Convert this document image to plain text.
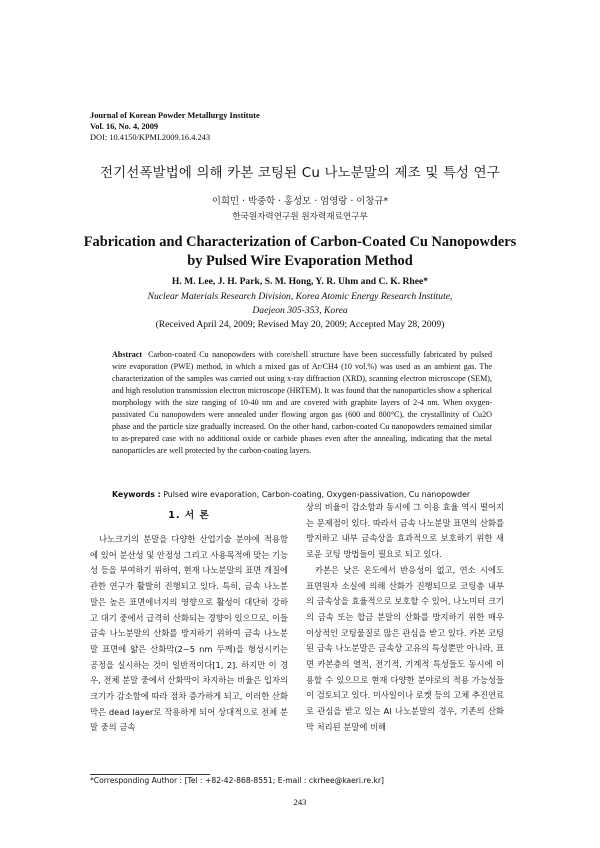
Journal of Korean Powder Metallurgy Institute
Vol. 16, No. 4, 2009
DOI: 10.4150/KPMI.2009.16.4.243
전기선폭발법에 의해 카본 코팅된 Cu 나노분말의 제조 및 특성 연구
이희민 · 박중학 · 홍성모 · 엄영랑 · 이창규*
한국원자력연구원 원자력재료연구부
Fabrication and Characterization of Carbon-Coated Cu Nanopowders
by Pulsed Wire Evaporation Method
H. M. Lee, J. H. Park, S. M. Hong, Y. R. Uhm and C. K. Rhee*
Nuclear Materials Research Division, Korea Atomic Energy Research Institute,
Daejeon 305-353, Korea
(Received April 24, 2009; Revised May 20, 2009; Accepted May 28, 2009)
Abstract Carbon-coated Cu nanopowders with core/shell structure have been successfully fabricated by pulsed wire evaporation (PWE) method, in which a mixed gas of Ar/CH4 (10 vol.%) was used as an ambient gas. The characterization of the samples was carried out using x-ray diffraction (XRD), scanning electron microscope (SEM), and high resolution transmission electron microscope (HRTEM). It was found that the nanoparticles show a spherical morphology with the size ranging of 10-40 nm and are covered with graphite layers of 2-4 nm. When oxygen-passivated Cu nanopowders were annealed under flowing argon gas (600 and 800°C), the crystallinity of Cu2O phase and the particle size gradually increased. On the other hand, carbon-coated Cu nanopowders remained similar to as-prepared case with no additional oxide or carbide phases even after the annealing, indicating that the metal nanoparticles are well protected by the carbon-coating layers.
Keywords : Pulsed wire evaporation, Carbon-coating, Oxygen-passivation, Cu nanopowder
1. 서 론
나노크기의 분말을 다양한 산업기술 분야에 적용함에 있어 분산성 및 안정성 그리고 사용목적에 맞는 기능성 등을 부여하기 위하여, 현재 나노분말의 표면 개질에 관한 연구가 활발히 진행되고 있다. 특히, 금속 나노분말은 높은 표면에너지의 영향으로 활성이 대단히 강하고 대기 중에서 급격히 산화되는 경향이 있으므로, 이들 금속 나노분말의 산화를 방지하기 위하여 금속 나노분말 표면에 얇은 산화막(2~5 nm 두께)을 형성시키는 공정을 실시하는 것이 일반적이다[1, 2]. 하지만 이 경우, 전체 분말 중에서 산화막이 차지하는 비율은 입자의 크기가 감소함에 따라 점차 증가하게 되고, 이러한 산화막은 dead layer로 작용하게 되어 상대적으로 전체 분말 중의 금속
상의 비율이 감소함과 동시에 그 이용 효율 역시 떨어지는 문제점이 있다. 따라서 금속 나노분말 표면의 산화를 방지하고 내부 금속상을 효과적으로 보호하기 위한 새로운 코팅 방법들이 필요로 되고 있다.
카본은 낮은 온도에서 반응성이 없고, 연소 시에도 표면원자 소실에 의해 산화가 진행되므로 코팅층 내부의 금속상을 효율적으로 보호할 수 있어, 나노미터 크기의 금속 또는 합금 분말의 산화를 방지하기 위한 매우 이상적인 코팅물질로 많은 관심을 받고 있다. 카본 코팅된 금속 나노분말은 금속상 고유의 특성뿐만 아니라, 표면 카본층의 열적, 전기적, 기계적 특성들도 동시에 이용할 수 있으므로 현재 다양한 분야로의 적용 가능성들이 검토되고 있다. 미사일이나 로켓 등의 고체 추진연료로 관심을 받고 있는 Al 나노분말의 경우, 기존의 산화막 처리된 분말에 비해
*Corresponding Author : [Tel : +82-42-868-8551; E-mail : ckrhee@kaeri.re.kr]
243
